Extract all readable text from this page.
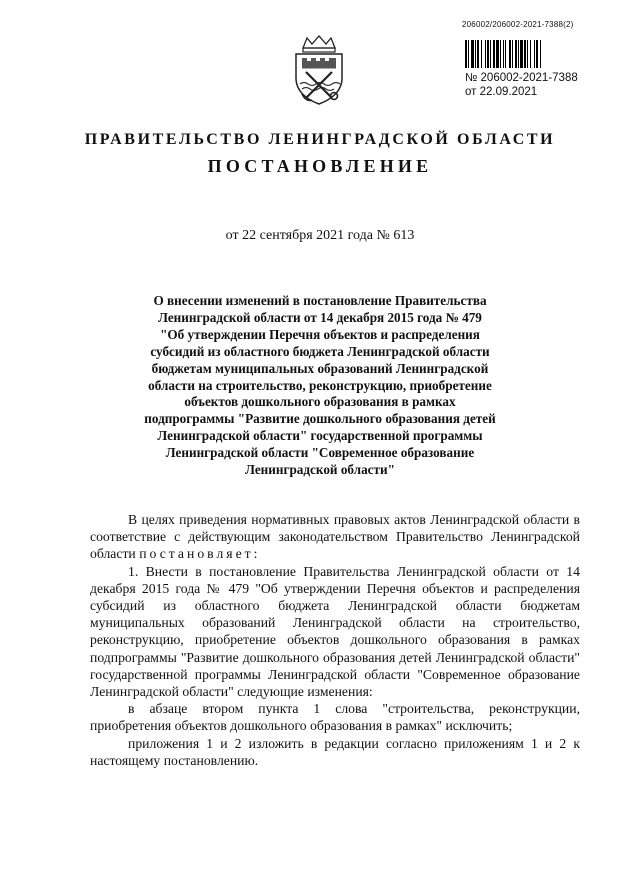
206002/206002-2021-7388(2)
№ 206002-2021-7388
от 22.09.2021
ПРАВИТЕЛЬСТВО ЛЕНИНГРАДСКОЙ ОБЛАСТИ
ПОСТАНОВЛЕНИЕ
от 22 сентября 2021 года № 613
О внесении изменений в постановление Правительства
Ленинградской области от 14 декабря 2015 года № 479
"Об утверждении Перечня объектов и распределения
субсидий из областного бюджета Ленинградской области
бюджетам муниципальных образований Ленинградской
области на строительство, реконструкцию, приобретение
объектов дошкольного образования в рамках
подпрограммы "Развитие дошкольного образования детей
Ленинградской области" государственной программы
Ленинградской области "Современное образование
Ленинградской области"

В целях приведения нормативных правовых актов Ленинградской области в соответствие с действующим законодательством Правительство Ленинградской области постановляет:

1. Внести в постановление Правительства Ленинградской области от 14 декабря 2015 года № 479 "Об утверждении Перечня объектов и распределения субсидий из областного бюджета Ленинградской области бюджетам муниципальных образований Ленинградской области на строительство, реконструкцию, приобретение объектов дошкольного образования в рамках подпрограммы "Развитие дошкольного образования детей Ленинградской области" государственной программы Ленинградской области "Современное образование Ленинградской области" следующие изменения:

в абзаце втором пункта 1 слова "строительства, реконструкции, приобретения объектов дошкольного образования в рамках" исключить;

приложения 1 и 2 изложить в редакции согласно приложениям 1 и 2 к настоящему постановлению.
